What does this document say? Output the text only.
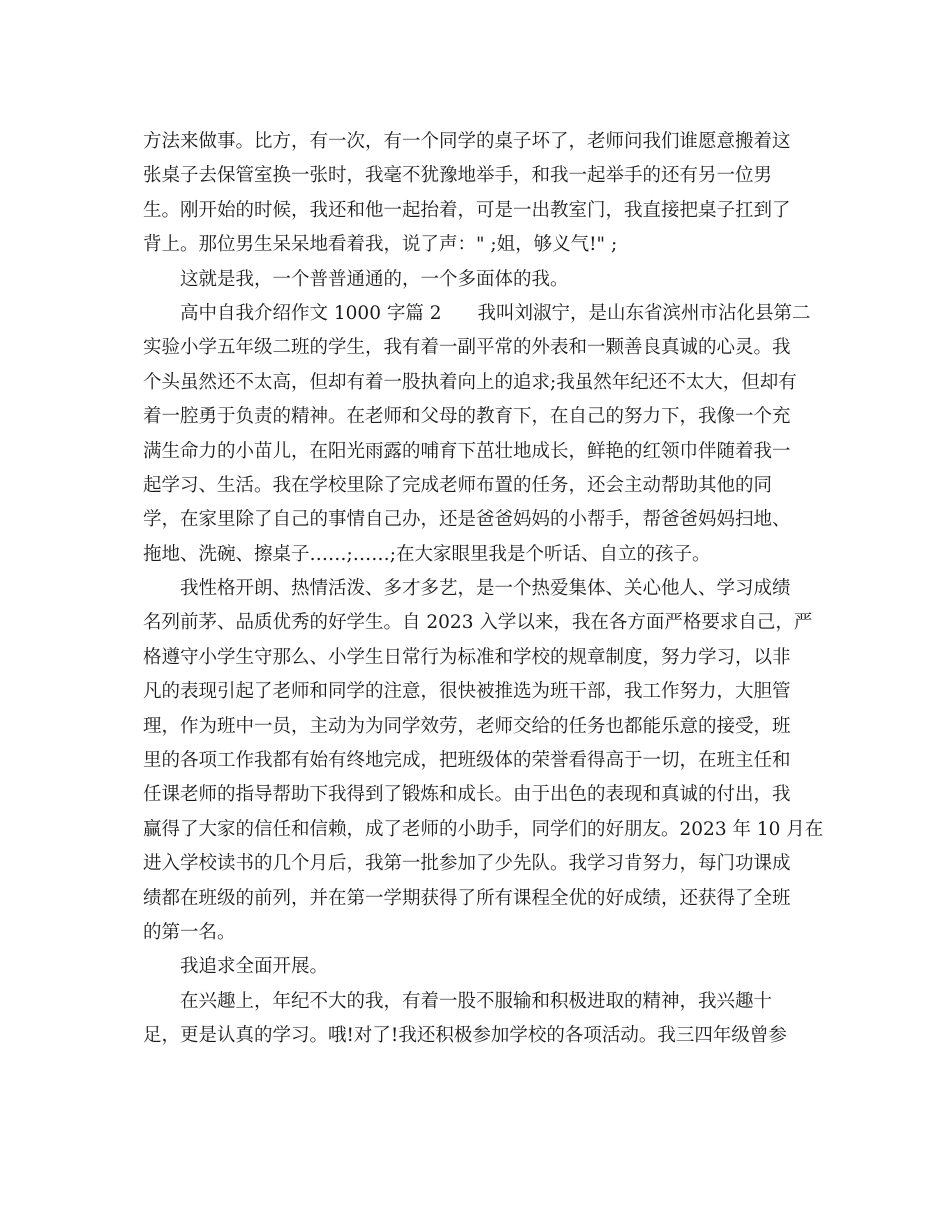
方法来做事。比方，有一次，有一个同学的桌子坏了，老师问我们谁愿意搬着这
张桌子去保管室换一张时，我毫不犹豫地举手，和我一起举手的还有另一位男
生。刚开始的时候，我还和他一起抬着，可是一出教室门，我直接把桌子扛到了
背上。那位男生呆呆地看着我，说了声：" ;姐，够义气!" ;
这就是我，一个普普通通的，一个多面体的我。
高中自我介绍作文 1000 字篇 2 我叫刘淑宁，是山东省滨州市沾化县第二
实验小学五年级二班的学生，我有着一副平常的外表和一颗善良真诚的心灵。我
个头虽然还不太高，但却有着一股执着向上的追求;我虽然年纪还不太大，但却有
着一腔勇于负责的精神。在老师和父母的教育下，在自己的努力下，我像一个充
满生命力的小苗儿，在阳光雨露的哺育下茁壮地成长，鲜艳的红领巾伴随着我一
起学习、生活。我在学校里除了完成老师布置的任务，还会主动帮助其他的同
学，在家里除了自己的事情自己办，还是爸爸妈妈的小帮手，帮爸爸妈妈扫地、
拖地、洗碗、擦桌子……;……;在大家眼里我是个听话、自立的孩子。
我性格开朗、热情活泼、多才多艺，是一个热爱集体、关心他人、学习成绩
名列前茅、品质优秀的好学生。自 2023 入学以来，我在各方面严格要求自己，严
格遵守小学生守那么、小学生日常行为标准和学校的规章制度，努力学习，以非
凡的表现引起了老师和同学的注意，很快被推选为班干部，我工作努力，大胆管
理，作为班中一员，主动为为同学效劳，老师交给的任务也都能乐意的接受，班
里的各项工作我都有始有终地完成，把班级体的荣誉看得高于一切，在班主任和
任课老师的指导帮助下我得到了锻炼和成长。由于出色的表现和真诚的付出，我
赢得了大家的信任和信赖，成了老师的小助手，同学们的好朋友。2023 年 10 月在
进入学校读书的几个月后，我第一批参加了少先队。我学习肯努力，每门功课成
绩都在班级的前列，并在第一学期获得了所有课程全优的好成绩，还获得了全班
的第一名。
我追求全面开展。
在兴趣上，年纪不大的我，有着一股不服输和积极进取的精神，我兴趣十
足，更是认真的学习。哦!对了!我还积极参加学校的各项活动。我三四年级曾参
